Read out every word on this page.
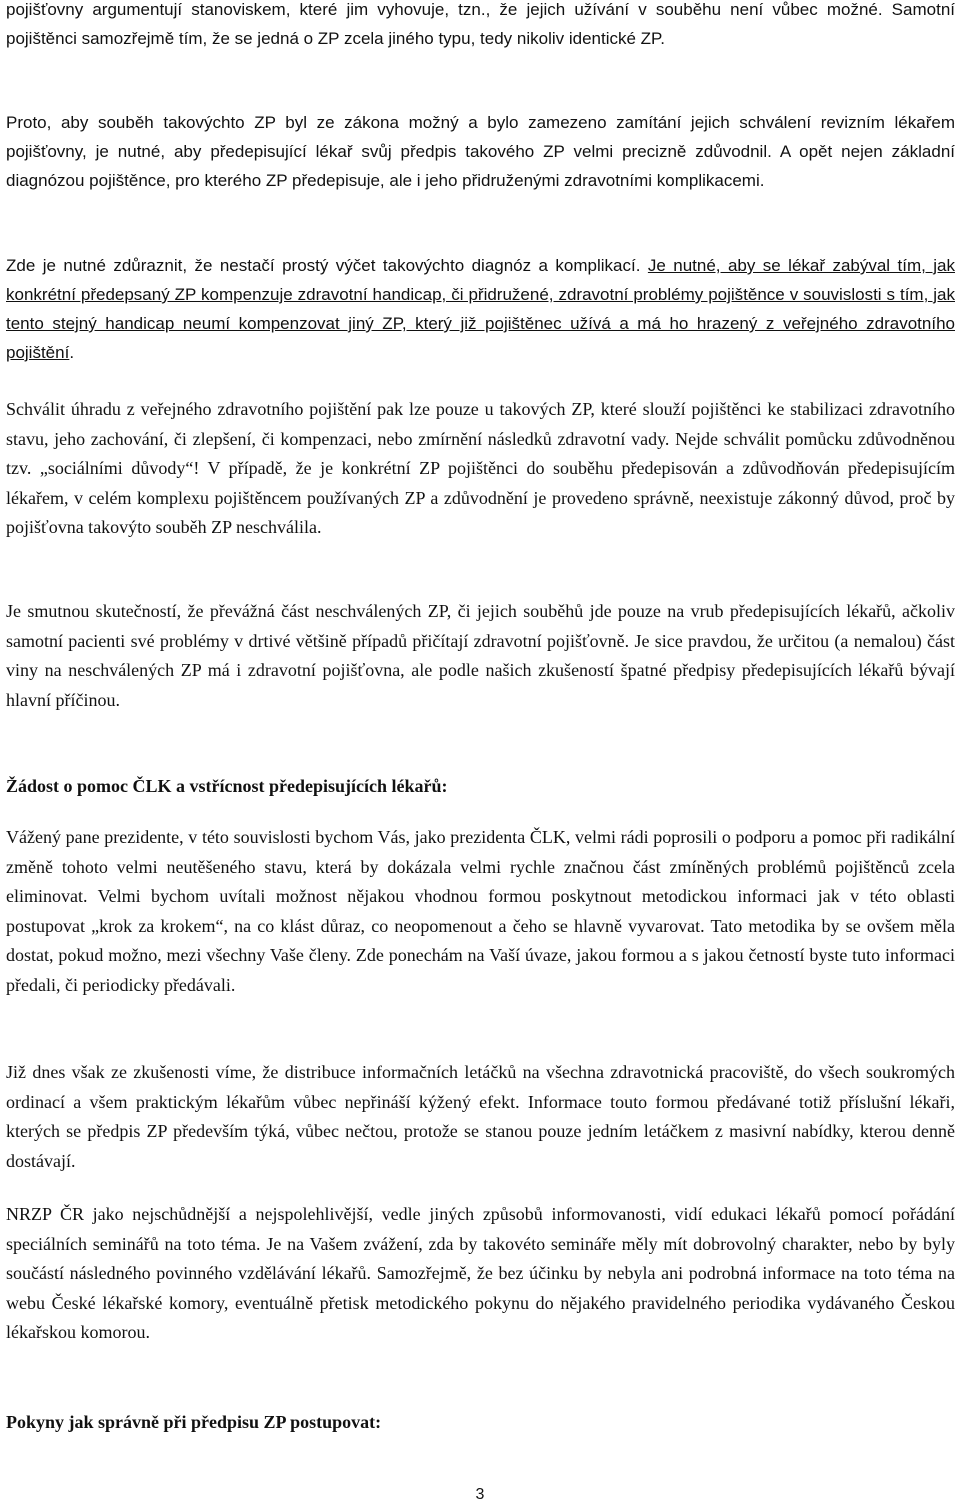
pojišťovny argumentují stanoviskem, které jim vyhovuje, tzn., že jejich užívání v souběhu není vůbec možné. Samotní pojištěnci samozřejmě tím, že se jedná o ZP zcela jiného typu, tedy nikoliv identické ZP.

Proto, aby souběh takovýchto ZP byl ze zákona možný a bylo zamezeno zamítání jejich schválení revizním lékařem pojišťovny, je nutné, aby předepisující lékař svůj předpis takového ZP velmi precizně zdůvodnil. A opět nejen základní diagnózou pojištěnce, pro kterého ZP předepisuje, ale i jeho přidruženými zdravotními komplikacemi.

Zde je nutné zdůraznit, že nestačí prostý výčet takovýchto diagnóz a komplikací. Je nutné, aby se lékař zabýval tím, jak konkrétní předepsaný ZP kompenzuje zdravotní handicap, či přidružené, zdravotní problémy pojištěnce v souvislosti s tím, jak tento stejný handicap neumí kompenzovat jiný ZP, který již pojištěnec užívá a má ho hrazený z veřejného zdravotního pojištění.

Schválit úhradu z veřejného zdravotního pojištění pak lze pouze u takových ZP, které slouží pojištěnci ke stabilizaci zdravotního stavu, jeho zachování, či zlepšení, či kompenzaci, nebo zmírnění následků zdravotní vady. Nejde schválit pomůcku zdůvodněnou tzv. „sociálními důvody“! V případě, že je konkrétní ZP pojištěnci do souběhu předepisován a zdůvodňován předepisujícím lékařem, v celém komplexu pojištěncem používaných ZP a zdůvodnění je provedeno správně, neexistuje zákonný důvod, proč by pojišťovna takovýto souběh ZP neschválila.

Je smutnou skutečností, že převážná část neschválených ZP, či jejich souběhů jde pouze na vrub předepisujících lékařů, ačkoliv samotní pacienti své problémy v drtivé většině případů přičítají zdravotní pojišťovně. Je sice pravdou, že určitou (a nemalou) část viny na neschválených ZP má i zdravotní pojišťovna, ale podle našich zkušeností špatné předpisy předepisujících lékařů bývají hlavní příčinou.

Žádost o pomoc ČLK a vstřícnost předepisujících lékařů:

Vážený pane prezidente, v této souvislosti bychom Vás, jako prezidenta ČLK, velmi rádi poprosili o podporu a pomoc při radikální změně tohoto velmi neutěšeného stavu, která by dokázala velmi rychle značnou část zmíněných problémů pojištěnců zcela eliminovat. Velmi bychom uvítali možnost nějakou vhodnou formou poskytnout metodickou informaci jak v této oblasti postupovat „krok za krokem“, na co klást důraz, co neopomenout a čeho se hlavně vyvarovat. Tato metodika by se ovšem měla dostat, pokud možno, mezi všechny Vaše členy. Zde ponechám na Vaší úvaze, jakou formou a s jakou četností byste tuto informaci předali, či periodicky předávali.

Již dnes však ze zkušenosti víme, že distribuce informačních letáčků na všechna zdravotnická pracoviště, do všech soukromých ordinací a všem praktickým lékařům vůbec nepřináší kýžený efekt. Informace touto formou předávané totiž příslušní lékaři, kterých se předpis ZP především týká, vůbec nečtou, protože se stanou pouze jedním letáčkem z masivní nabídky, kterou denně dostávají.

NRZP ČR jako nejschůdnější a nejspolehlivější, vedle jiných způsobů informovanosti, vidí edukaci lékařů pomocí pořádání speciálních seminářů na toto téma. Je na Vašem zvážení, zda by takovéto semináře měly mít dobrovolný charakter, nebo by byly součástí následného povinného vzdělávání lékařů. Samozřejmě, že bez účinku by nebyla ani podrobná informace na toto téma na webu České lékařské komory, eventuálně přetisk metodického pokynu do nějakého pravidelného periodika vydávaného Českou lékařskou komorou.

Pokyny jak správně při předpisu ZP postupovat:

3
